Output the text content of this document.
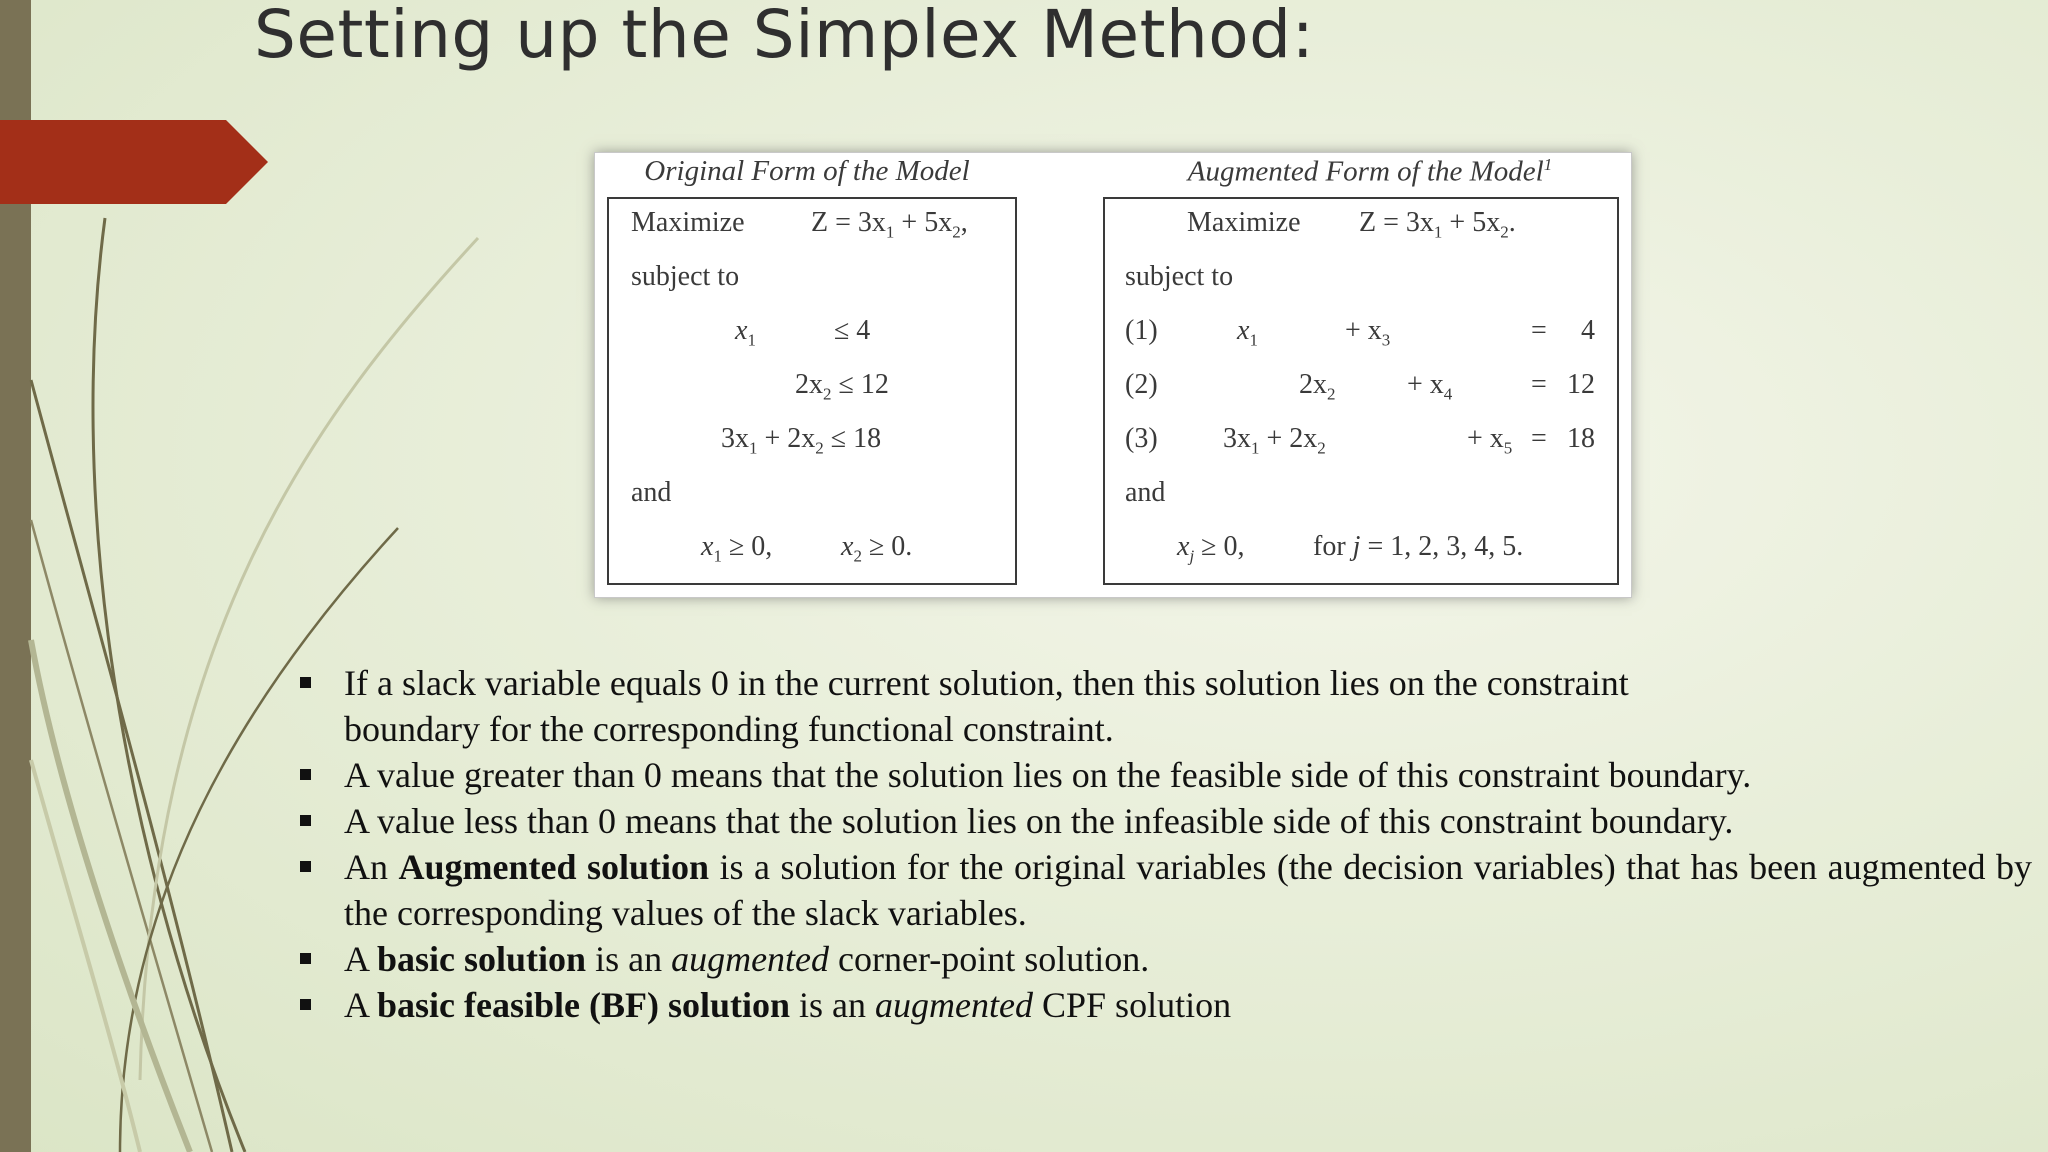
Setting up the Simplex Method:
Original Form of the Model	Augmented Form of the Model$^1$
Maximize $Z = 3x_1 + 5x_2$,
subject to
$x_1$	≤ 4
$2x_2 \le 12$
$3x_1 + 2x_2 \le 18$
and
$x_1 \ge 0$, $x_2 \ge 0$.
Maximize $Z = 3x_1 + 5x_2$.
subject to
(1)	$x_1$	+ $x_3$	= 4
(2)	$2x_2$	+ $x_4$	= 12
(3) $3x_1 + 2x_2$	+ $x_5 = 18$
and
$x_j \ge 0$, for j = 1, 2, 3, 4, 5.
If a slack variable equals 0 in the current solution, then this solution lies on the constraint boundary for the corresponding functional constraint.
A value greater than 0 means that the solution lies on the feasible side of this constraint boundary.
A value less than 0 means that the solution lies on the infeasible side of this constraint boundary.
An Augmented solution is a solution for the original variables (the decision variables) that has been augmented by the corresponding values of the slack variables.
A basic solution is an augmented corner-point solution.
A basic feasible (BF) solution is an augmented CPF solution
